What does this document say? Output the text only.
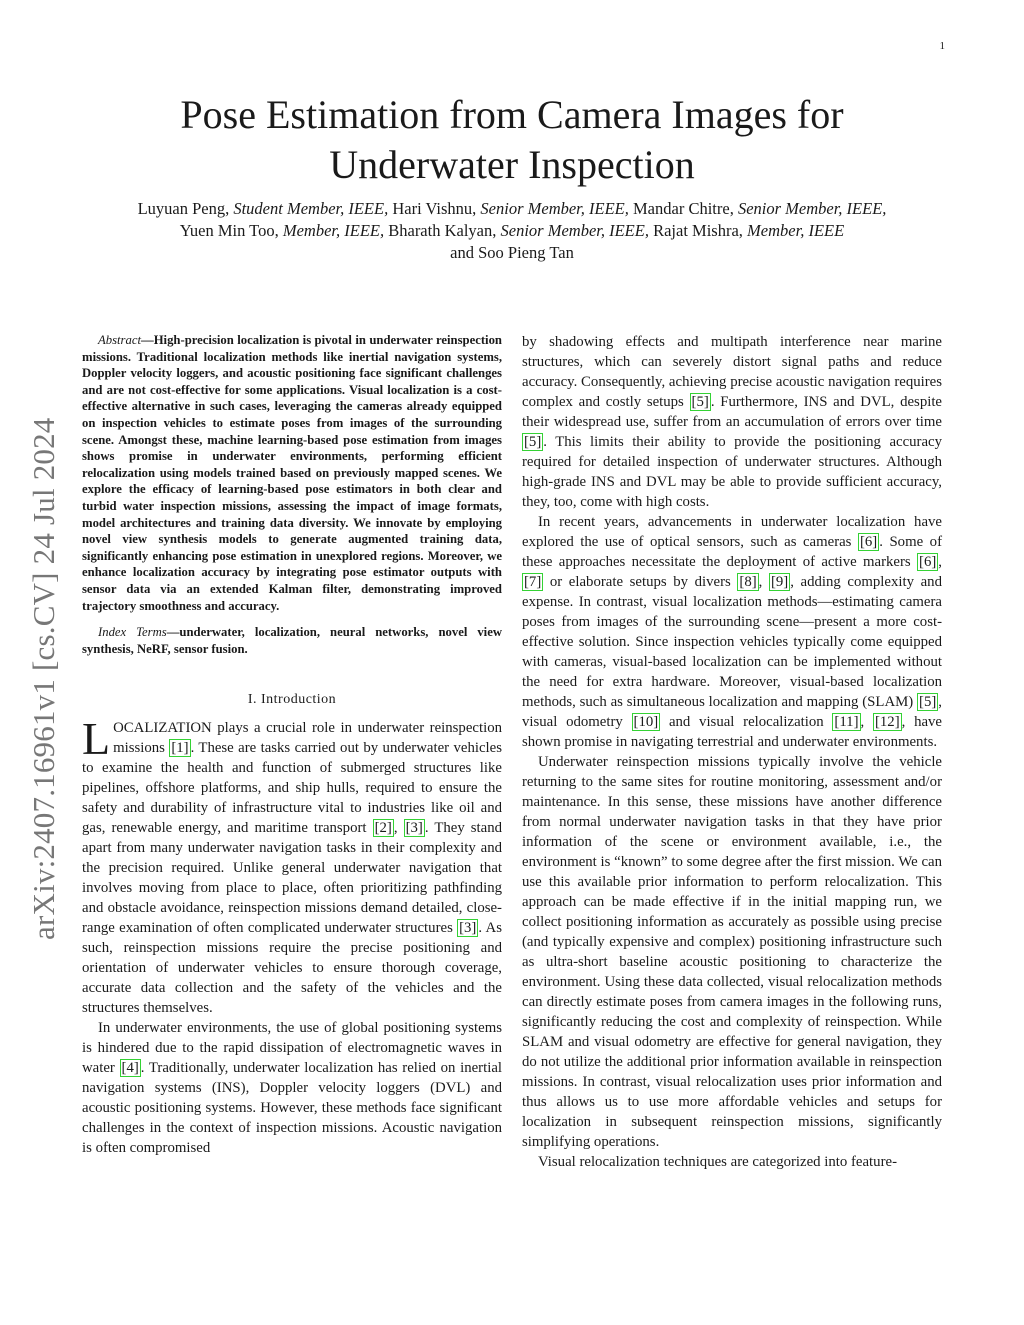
1
arXiv:2407.16961v1 [cs.CV] 24 Jul 2024
Pose Estimation from Camera Images for
Underwater Inspection
Luyuan Peng, Student Member, IEEE, Hari Vishnu, Senior Member, IEEE, Mandar Chitre, Senior Member, IEEE,
Yuen Min Too, Member, IEEE, Bharath Kalyan, Senior Member, IEEE, Rajat Mishra, Member, IEEE
and Soo Pieng Tan

Abstract—High-precision localization is pivotal in underwater reinspection missions. Traditional localization methods like inertial navigation systems, Doppler velocity loggers, and acoustic positioning face significant challenges and are not cost-effective for some applications. Visual localization is a cost-effective alternative in such cases, leveraging the cameras already equipped on inspection vehicles to estimate poses from images of the surrounding scene. Amongst these, machine learning-based pose estimation from images shows promise in underwater environments, performing efficient relocalization using models trained based on previously mapped scenes. We explore the efficacy of learning-based pose estimators in both clear and turbid water inspection missions, assessing the impact of image formats, model architectures and training data diversity. We innovate by employing novel view synthesis models to generate augmented training data, significantly enhancing pose estimation in unexplored regions. Moreover, we enhance localization accuracy by integrating pose estimator outputs with sensor data via an extended Kalman filter, demonstrating improved trajectory smoothness and accuracy.

Index Terms—underwater, localization, neural networks, novel view synthesis, NeRF, sensor fusion.

I. Introduction

LOCALIZATION plays a crucial role in underwater reinspection missions [1] . These are tasks carried out by underwater vehicles to examine the health and function of submerged structures like pipelines, offshore platforms, and ship hulls, required to ensure the safety and durability of infrastructure vital to industries like oil and gas, renewable energy, and maritime transport [2] , [3] . They stand apart from many underwater navigation tasks in their complexity and the precision required. Unlike general underwater navigation that involves moving from place to place, often prioritizing pathfinding and obstacle avoidance, reinspection missions demand detailed, close-range examination of often complicated underwater structures [3] . As such, reinspection missions require the precise positioning and orientation of underwater vehicles to ensure thorough coverage, accurate data collection and the safety of the vehicles and the structures themselves.

In underwater environments, the use of global positioning systems is hindered due to the rapid dissipation of electromagnetic waves in water [4] . Traditionally, underwater localization has relied on inertial navigation systems (INS), Doppler velocity loggers (DVL) and acoustic positioning systems. However, these methods face significant challenges in the context of inspection missions. Acoustic navigation is often compromised

by shadowing effects and multipath interference near marine structures, which can severely distort signal paths and reduce accuracy. Consequently, achieving precise acoustic navigation requires complex and costly setups [5] . Furthermore, INS and DVL, despite their widespread use, suffer from an accumulation of errors over time [5] . This limits their ability to provide the positioning accuracy required for detailed inspection of underwater structures. Although high-grade INS and DVL may be able to provide sufficient accuracy, they, too, come with high costs.

In recent years, advancements in underwater localization have explored the use of optical sensors, such as cameras [6] . Some of these approaches necessitate the deployment of active markers [6] , [7] or elaborate setups by divers [8] , [9] , adding complexity and expense. In contrast, visual localization methods—estimating camera poses from images of the surrounding scene—present a more cost-effective solution. Since inspection vehicles typically come equipped with cameras, visual-based localization can be implemented without the need for extra hardware. Moreover, visual-based localization methods, such as simultaneous localization and mapping (SLAM) [5] , visual odometry [10] and visual relocalization [11] , [12] , have shown promise in navigating terrestrial and underwater environments.

Underwater reinspection missions typically involve the vehicle returning to the same sites for routine monitoring, assessment and/or maintenance. In this sense, these missions have another difference from normal underwater navigation tasks in that they have prior information of the scene or environment available, i.e., the environment is “known” to some degree after the first mission. We can use this available prior information to perform relocalization. This approach can be made effective if in the initial mapping run, we collect positioning information as accurately as possible using precise (and typically expensive and complex) positioning infrastructure such as ultra-short baseline acoustic positioning to characterize the environment. Using these data collected, visual relocalization methods can directly estimate poses from camera images in the following runs, significantly reducing the cost and complexity of reinspection. While SLAM and visual odometry are effective for general navigation, they do not utilize the additional prior information available in reinspection missions. In contrast, visual relocalization uses prior information and thus allows us to use more affordable vehicles and setups for localization in subsequent reinspection missions, significantly simplifying operations.

Visual relocalization techniques are categorized into feature-
